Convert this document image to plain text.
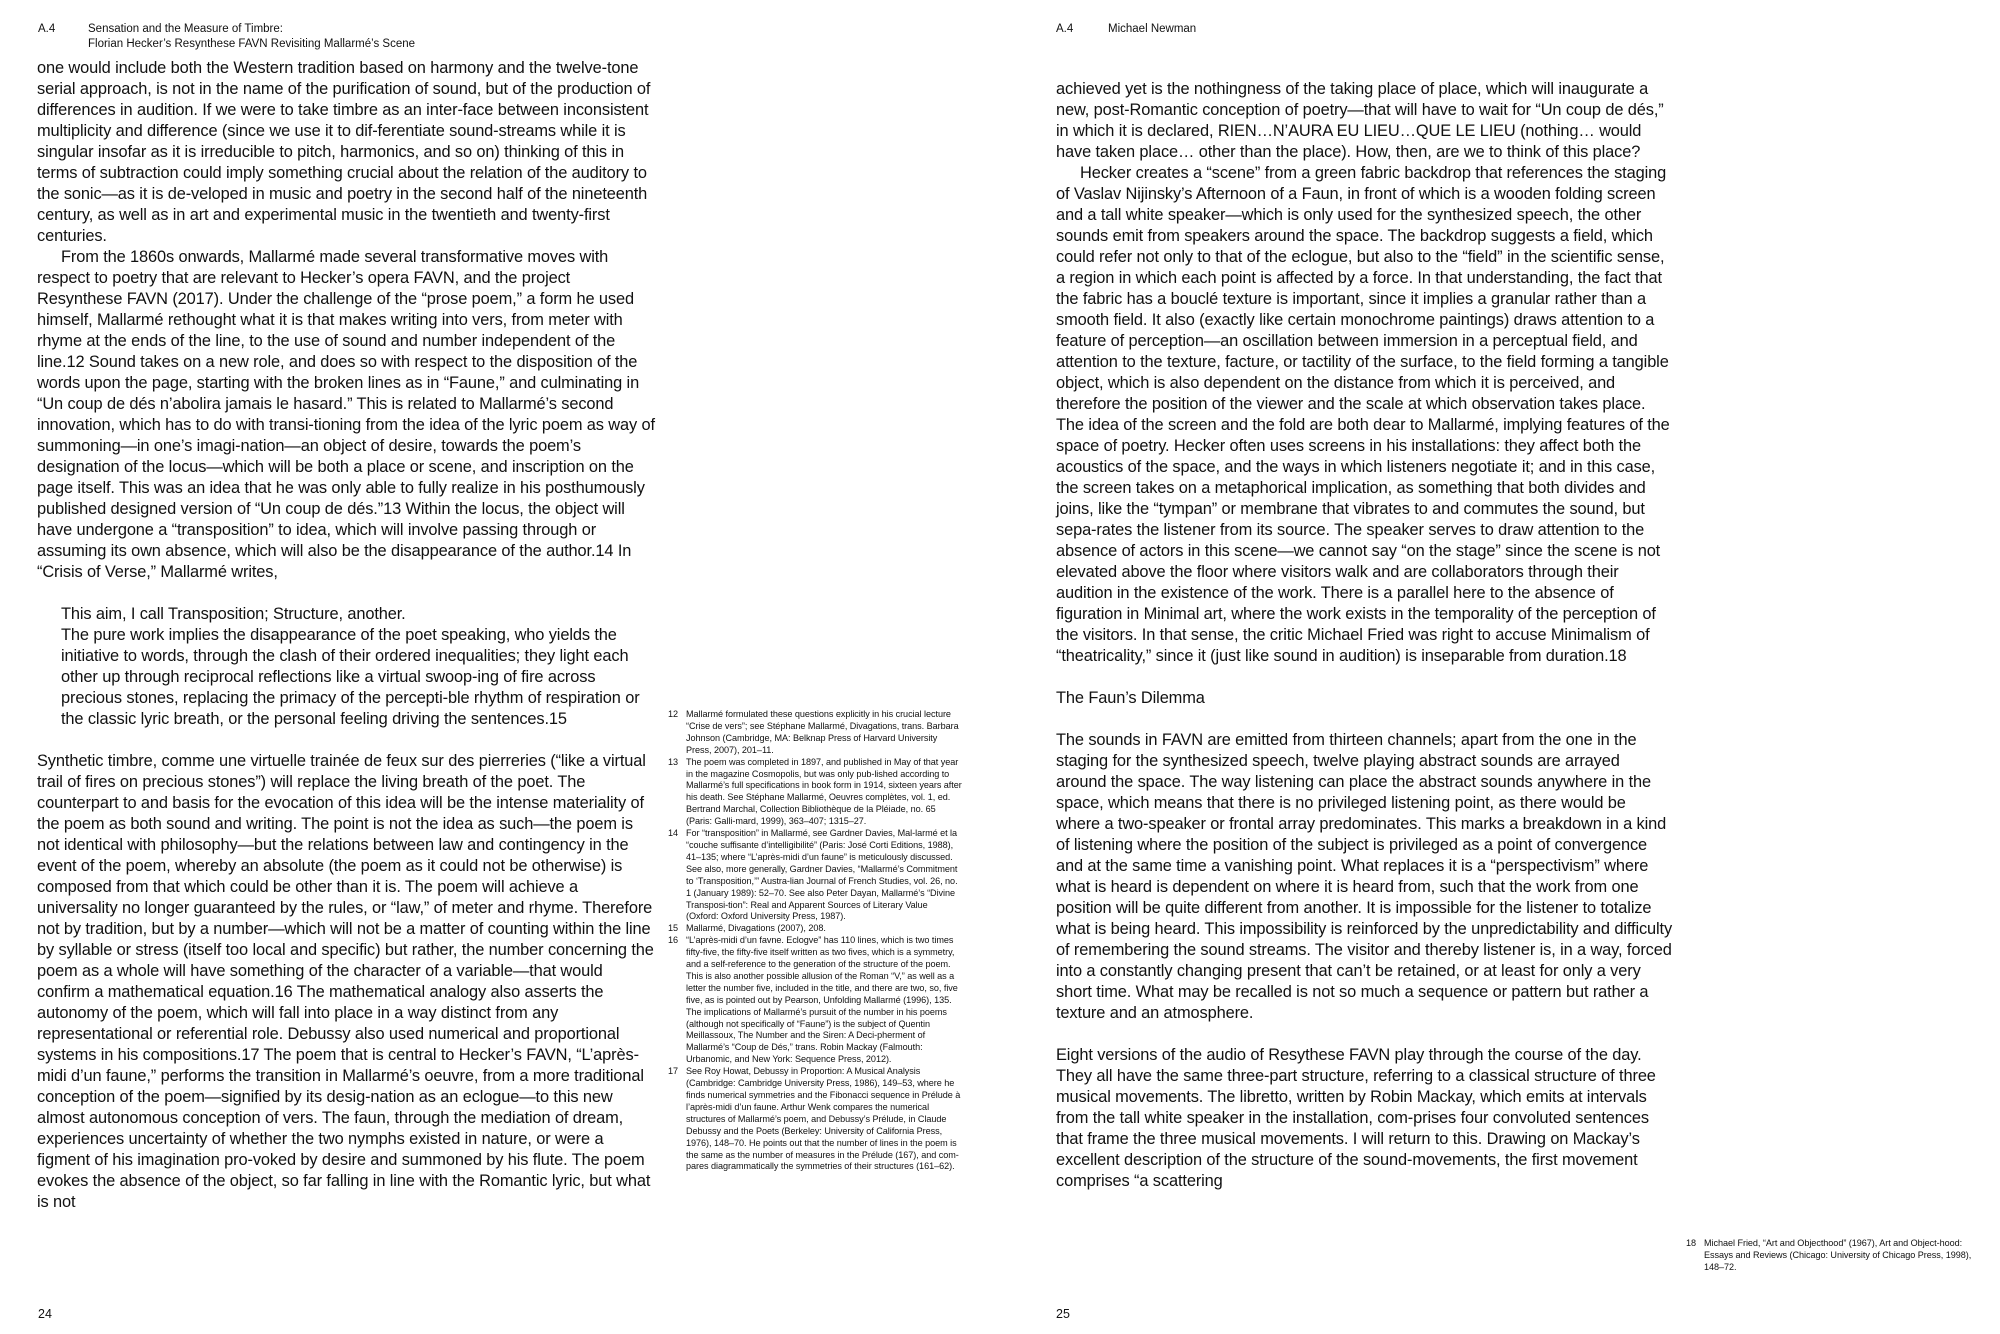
A.4	Sensation and the Measure of Timbre:
Florian Hecker’s Resynthese FAVN Revisiting Mallarmé’s Scene

one would include both the Western tradition based on harmony and the twelve-tone serial approach, is not in the name of the purification of sound, but of the production of differences in audition. If we were to take timbre as an inter-face between inconsistent multiplicity and difference (since we use it to dif-ferentiate sound-streams while it is singular insofar as it is irreducible to pitch, harmonics, and so on) thinking of this in terms of subtraction could imply something crucial about the relation of the auditory to the sonic—as it is de-veloped in music and poetry in the second half of the nineteenth century, as well as in art and experimental music in the twentieth and twenty-first centuries.

From the 1860s onwards, Mallarmé made several transformative moves with respect to poetry that are relevant to Hecker’s opera FAVN, and the project Resynthese FAVN (2017). Under the challenge of the “prose poem,” a form he used himself, Mallarmé rethought what it is that makes writing into vers, from meter with rhyme at the ends of the line, to the use of sound and number independent of the line.12 Sound takes on a new role, and does so with respect to the disposition of the words upon the page, starting with the broken lines as in “Faune,” and culminating in “Un coup de dés n’abolira jamais le hasard.” This is related to Mallarmé’s second innovation, which has to do with transi-tioning from the idea of the lyric poem as way of summoning—in one’s imagi-nation—an object of desire, towards the poem’s designation of the locus—which will be both a place or scene, and inscription on the page itself. This was an idea that he was only able to fully realize in his posthumously published designed version of “Un coup de dés.”13 Within the locus, the object will have undergone a “transposition” to idea, which will involve passing through or assuming its own absence, which will also be the disappearance of the author.14 In “Crisis of Verse,” Mallarmé writes,

This aim, I call Transposition; Structure, another.

The pure work implies the disappearance of the poet speaking, who yields the initiative to words, through the clash of their ordered inequalities; they light each other up through reciprocal reflections like a virtual swoop-ing of fire across precious stones, replacing the primacy of the percepti-ble rhythm of respiration or the classic lyric breath, or the personal feeling driving the sentences.15

Synthetic timbre, comme une virtuelle trainée de feux sur des pierreries (“like a virtual trail of fires on precious stones”) will replace the living breath of the poet. The counterpart to and basis for the evocation of this idea will be the intense materiality of the poem as both sound and writing. The point is not the idea as such—the poem is not identical with philosophy—but the relations between law and contingency in the event of the poem, whereby an absolute (the poem as it could not be otherwise) is composed from that which could be other than it is. The poem will achieve a universality no longer guaranteed by the rules, or “law,” of meter and rhyme. Therefore not by tradition, but by a number—which will not be a matter of counting within the line by syllable or stress (itself too local and specific) but rather, the number concerning the poem as a whole will have something of the character of a variable—that would confirm a mathematical equation.16 The mathematical analogy also asserts the autonomy of the poem, which will fall into place in a way distinct from any representational or referential role. Debussy also used numerical and proportional systems in his compositions.17 The poem that is central to Hecker’s FAVN, “L’après-midi d’un faune,” performs the transition in Mallarmé’s oeuvre, from a more traditional conception of the poem—signified by its desig-nation as an eclogue—to this new almost autonomous conception of vers. The faun, through the mediation of dream, experiences uncertainty of whether the two nymphs existed in nature, or were a figment of his imagination pro-voked by desire and summoned by his flute. The poem evokes the absence of the object, so far falling in line with the Romantic lyric, but what is not

12 Mallarmé formulated these questions explicitly in his crucial lecture “Crise de vers”; see Stéphane Mallarmé, Divagations, trans. Barbara Johnson (Cambridge, MA: Belknap Press of Harvard University Press, 2007), 201–11.
13 The poem was completed in 1897, and published in May of that year in the magazine Cosmopolis, but was only pub-lished according to Mallarmé’s full specifications in book form in 1914, sixteen years after his death. See Stéphane Mallarmé, Oeuvres complètes, vol. 1, ed. Bertrand Marchal, Collection Bibliothèque de la Pléiade, no. 65 (Paris: Galli-mard, 1999), 363–407; 1315–27.
14 For “transposition” in Mallarmé, see Gardner Davies, Mal-larmé et la “couche suffisante d’intelligibilité” (Paris: José Corti Editions, 1988), 41–135; where “L’après-midi d’un faune” is meticulously discussed. See also, more generally, Gardner Davies, “Mallarmé’s Commitment to ‘Transposition,’” Austra-lian Journal of French Studies, vol. 26, no. 1 (January 1989): 52–70. See also Peter Dayan, Mallarmé’s “Divine Transposi-tion”: Real and Apparent Sources of Literary Value (Oxford: Oxford University Press, 1987).
15 Mallarmé, Divagations (2007), 208.
16 “L’après-midi d’un favne. Eclogve” has 110 lines, which is two times fifty-five, the fifty-five itself written as two fives, which is a symmetry, and a self-reference to the generation of the structure of the poem. This is also another possible allusion of the Roman “V,” as well as a letter the number five, included in the title, and there are two, so, five five, as is pointed out by Pearson, Unfolding Mallarmé (1996), 135. The implications of Mallarmé’s pursuit of the number in his poems (although not specifically of “Faune”) is the subject of Quentin Meillassoux, The Number and the Siren: A Deci-pherment of Mallarmé’s “Coup de Dés,” trans. Robin Mackay (Falmouth: Urbanomic, and New York: Sequence Press, 2012).
17 See Roy Howat, Debussy in Proportion: A Musical Analysis (Cambridge: Cambridge University Press, 1986), 149–53, where he finds numerical symmetries and the Fibonacci sequence in Prélude à l’après-midi d’un faune. Arthur Wenk compares the numerical structures of Mallarmé’s poem, and Debussy’s Prélude, in Claude Debussy and the Poets (Berkeley: University of California Press, 1976), 148–70. He points out that the number of lines in the poem is the same as the number of measures in the Prélude (167), and com-pares diagrammatically the symmetries of their structures (161–62).
24
A.4	Michael Newman

achieved yet is the nothingness of the taking place of place, which will inaugurate a new, post-Romantic conception of poetry—that will have to wait for “Un coup de dés,” in which it is declared, RIEN…N’AURA EU LIEU…QUE LE LIEU (nothing… would have taken place… other than the place). How, then, are we to think of this place?

Hecker creates a “scene” from a green fabric backdrop that references the staging of Vaslav Nijinsky’s Afternoon of a Faun, in front of which is a wooden folding screen and a tall white speaker—which is only used for the synthesized speech, the other sounds emit from speakers around the space. The backdrop suggests a field, which could refer not only to that of the eclogue, but also to the “field” in the scientific sense, a region in which each point is affected by a force. In that understanding, the fact that the fabric has a bouclé texture is important, since it implies a granular rather than a smooth field. It also (exactly like certain monochrome paintings) draws attention to a feature of perception—an oscillation between immersion in a perceptual field, and attention to the texture, facture, or tactility of the surface, to the field forming a tangible object, which is also dependent on the distance from which it is perceived, and therefore the position of the viewer and the scale at which observation takes place. The idea of the screen and the fold are both dear to Mallarmé, implying features of the space of poetry. Hecker often uses screens in his installations: they affect both the acoustics of the space, and the ways in which listeners negotiate it; and in this case, the screen takes on a metaphorical implication, as something that both divides and joins, like the “tympan” or membrane that vibrates to and commutes the sound, but sepa-rates the listener from its source. The speaker serves to draw attention to the absence of actors in this scene—we cannot say “on the stage” since the scene is not elevated above the floor where visitors walk and are collaborators through their audition in the existence of the work. There is a parallel here to the absence of figuration in Minimal art, where the work exists in the temporality of the perception of the visitors. In that sense, the critic Michael Fried was right to accuse Minimalism of “theatricality,” since it (just like sound in audition) is inseparable from duration.18

The Faun’s Dilemma

The sounds in FAVN are emitted from thirteen channels; apart from the one in the staging for the synthesized speech, twelve playing abstract sounds are arrayed around the space. The way listening can place the abstract sounds anywhere in the space, which means that there is no privileged listening point, as there would be where a two-speaker or frontal array predominates. This marks a breakdown in a kind of listening where the position of the subject is privileged as a point of convergence and at the same time a vanishing point. What replaces it is a “perspectivism” where what is heard is dependent on where it is heard from, such that the work from one position will be quite different from another. It is impossible for the listener to totalize what is being heard. This impossibility is reinforced by the unpredictability and difficulty of remembering the sound streams. The visitor and thereby listener is, in a way, forced into a constantly changing present that can’t be retained, or at least for only a very short time. What may be recalled is not so much a sequence or pattern but rather a texture and an atmosphere.

Eight versions of the audio of Resythese FAVN play through the course of the day. They all have the same three-part structure, referring to a classical structure of three musical movements. The libretto, written by Robin Mackay, which emits at intervals from the tall white speaker in the installation, com-prises four convoluted sentences that frame the three musical movements. I will return to this. Drawing on Mackay’s excellent description of the structure of the sound-movements, the first movement comprises “a scattering

18 Michael Fried, “Art and Objecthood” (1967), Art and Object-hood: Essays and Reviews (Chicago: University of Chicago Press, 1998), 148–72.
25
